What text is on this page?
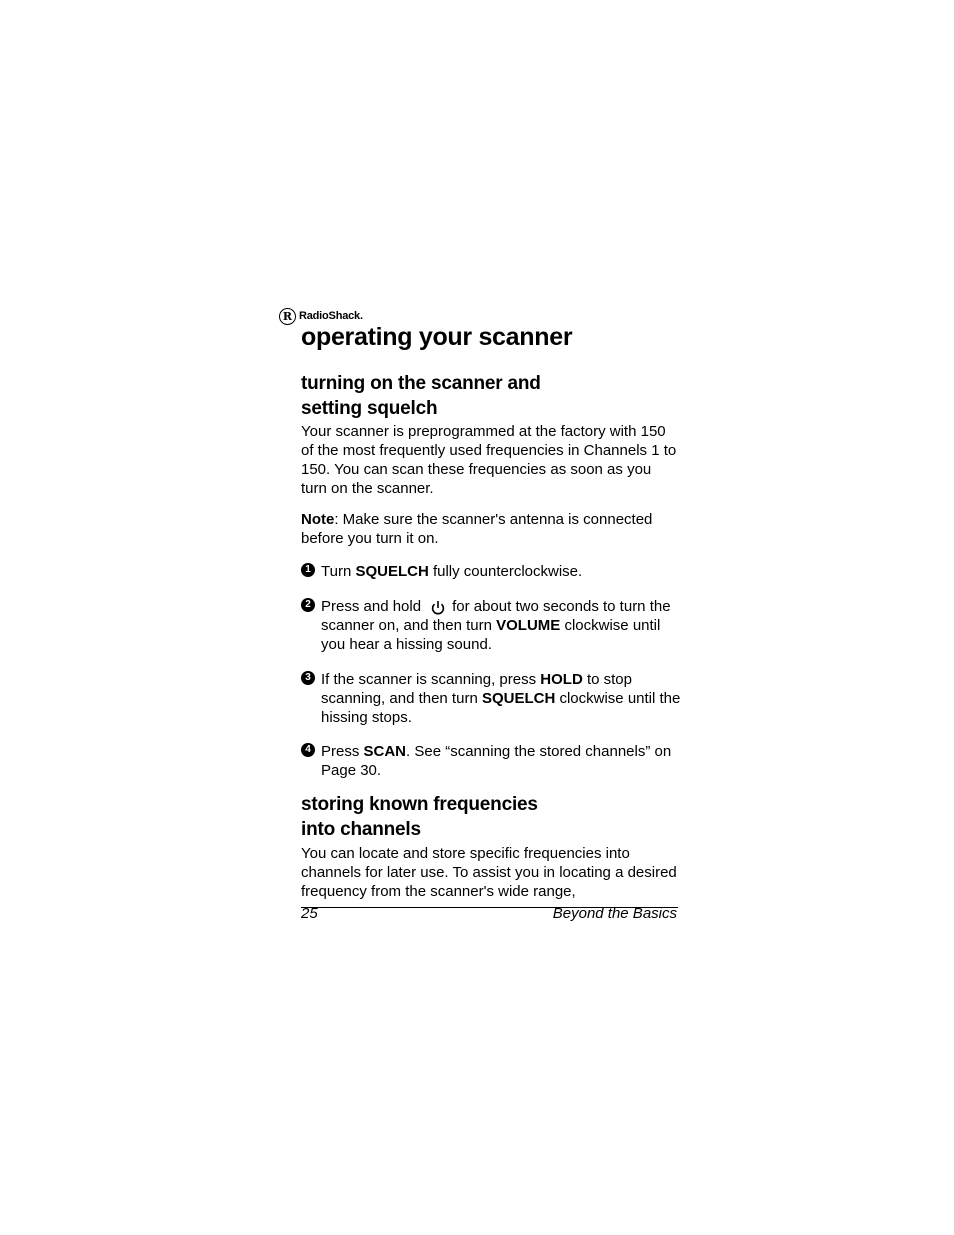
R RadioShack.
operating your scanner
turning on the scanner and
setting squelch
Your scanner is preprogrammed at the factory with 150 of the most frequently used frequencies in Channels 1 to 150. You can scan these frequencies as soon as you turn on the scanner.
Note: Make sure the scanner's antenna is connected before you turn it on.
1 Turn SQUELCH fully counterclockwise.
2 Press and hold for about two seconds to turn the scanner on, and then turn VOLUME clockwise until you hear a hissing sound.
3 If the scanner is scanning, press HOLD to stop scanning, and then turn SQUELCH clockwise until the hissing stops.
4 Press SCAN. See “scanning the stored channels” on Page 30.
storing known frequencies
into channels
You can locate and store specific frequencies into channels for later use. To assist you in locating a desired frequency from the scanner's wide range,
25	Beyond the Basics
